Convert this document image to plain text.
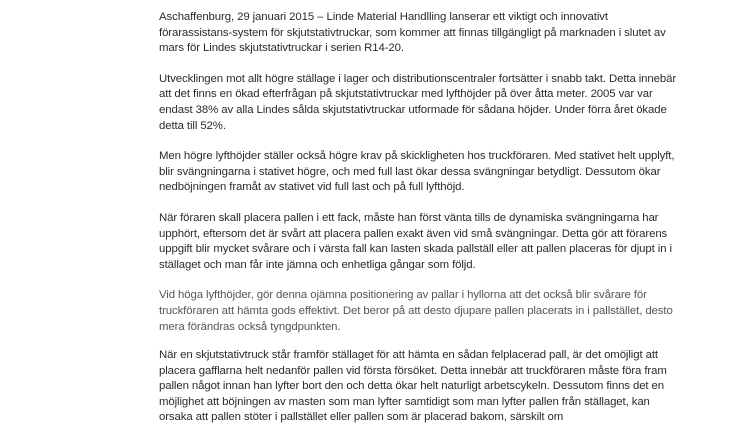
Aschaffenburg, 29 januari 2015 – Linde Material Handlling lanserar ett viktigt och innovativt förarassistans-system för skjutstativtruckar, som kommer att finnas tillgängligt på marknaden i slutet av mars för Lindes skjutstativtruckar i serien R14-20.

Utvecklingen mot allt högre ställage i lager och distributionscentraler fortsätter i snabb takt. Detta innebär att det finns en ökad efterfrågan på skjutstativtruckar med lyfthöjder på över åtta meter. 2005 var var endast 38% av alla Lindes sålda skjutstativtruckar utformade för sådana höjder. Under förra året ökade detta till 52%.

Men högre lyfthöjder ställer också högre krav på skickligheten hos truckföraren. Med stativet helt upplyft, blir svängningarna i stativet högre, och med full last ökar dessa svängningar betydligt. Dessutom ökar nedböjningen framåt av stativet vid full last och på full lyfthöjd.

När föraren skall placera pallen i ett fack, måste han först vänta tills de dynamiska svängningarna har upphört, eftersom det är svårt att placera pallen exakt även vid små svängningar. Detta gör att förarens uppgift blir mycket svårare och i värsta fall kan lasten skada pallställ eller att pallen placeras för djupt in i ställaget och man får inte jämna och enhetliga gångar som följd.

Vid höga lyfthöjder, gör denna ojämna positionering av pallar i hyllorna att det också blir svårare för truckföraren att hämta gods effektivt. Det beror på att desto djupare pallen placerats in i pallstället, desto mera förändras också tyngdpunkten.

När en skjutstativtruck står framför ställaget för att hämta en sådan felplacerad pall, är det omöjligt att placera gafflarna helt nedanför pallen vid första försöket. Detta innebär att truckföraren måste föra fram pallen något innan han lyfter bort den och detta ökar helt naturligt arbetscykeln. Dessutom finns det en möjlighet att böjningen av masten som man lyfter samtidigt som man lyfter pallen från ställaget, kan orsaka att pallen stöter i pallstället eller pallen som är placerad bakom, särskilt om
